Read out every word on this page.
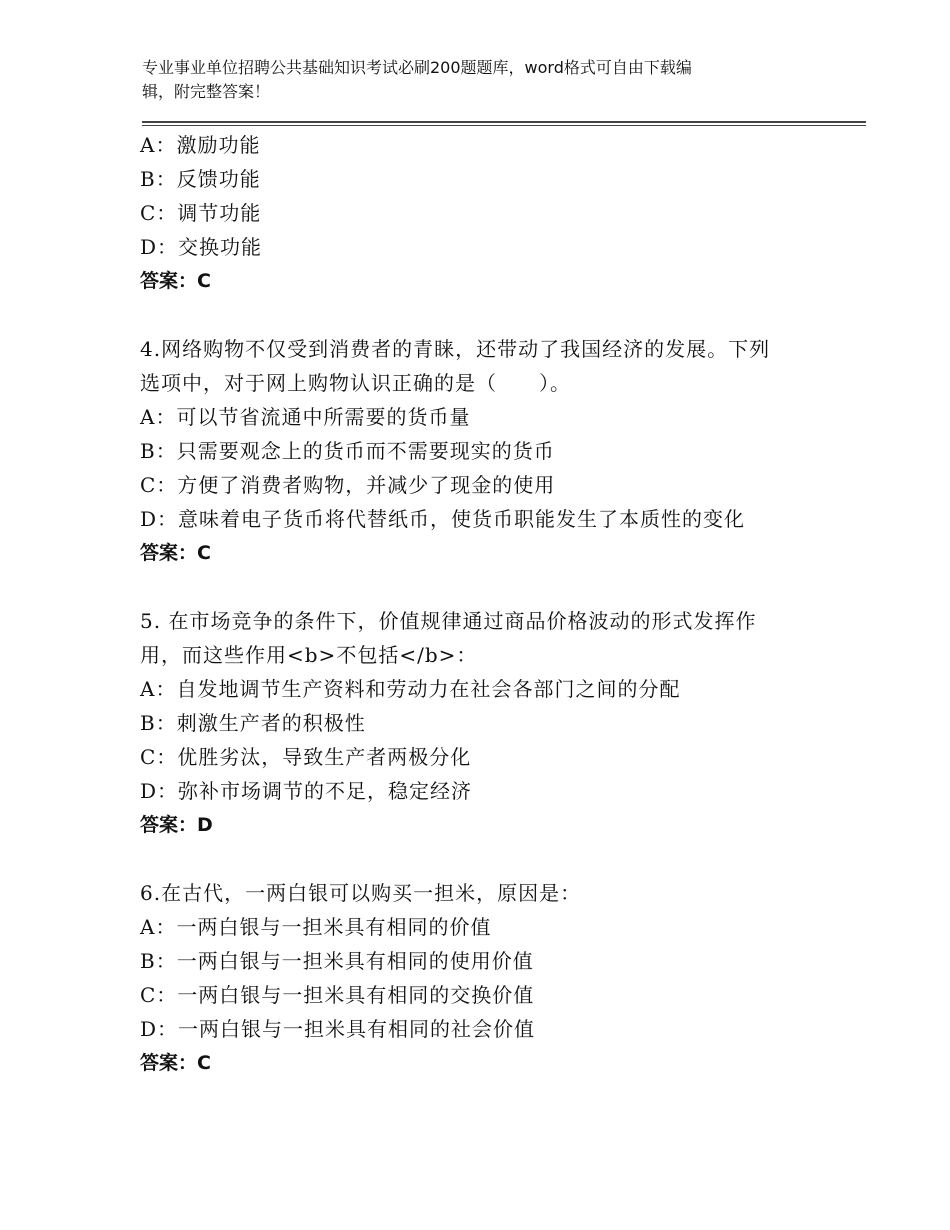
专业事业单位招聘公共基础知识考试必刷200题题库，word格式可自由下载编
辑，附完整答案！
A：激励功能
B：反馈功能
C：调节功能
D：交换功能
答案：C
4.网络购物不仅受到消费者的青睐，还带动了我国经济的发展。下列
选项中，对于网上购物认识正确的是（　　）。
A：可以节省流通中所需要的货币量
B：只需要观念上的货币而不需要现实的货币
C：方便了消费者购物，并减少了现金的使用
D：意味着电子货币将代替纸币，使货币职能发生了本质性的变化
答案：C
5. 在市场竞争的条件下，价值规律通过商品价格波动的形式发挥作
用，而这些作用<b>不包括</b>：
A：自发地调节生产资料和劳动力在社会各部门之间的分配
B：刺激生产者的积极性
C：优胜劣汰，导致生产者两极分化
D：弥补市场调节的不足，稳定经济
答案：D
6.在古代，一两白银可以购买一担米，原因是：
A：一两白银与一担米具有相同的价值
B：一两白银与一担米具有相同的使用价值
C：一两白银与一担米具有相同的交换价值
D：一两白银与一担米具有相同的社会价值
答案：C
